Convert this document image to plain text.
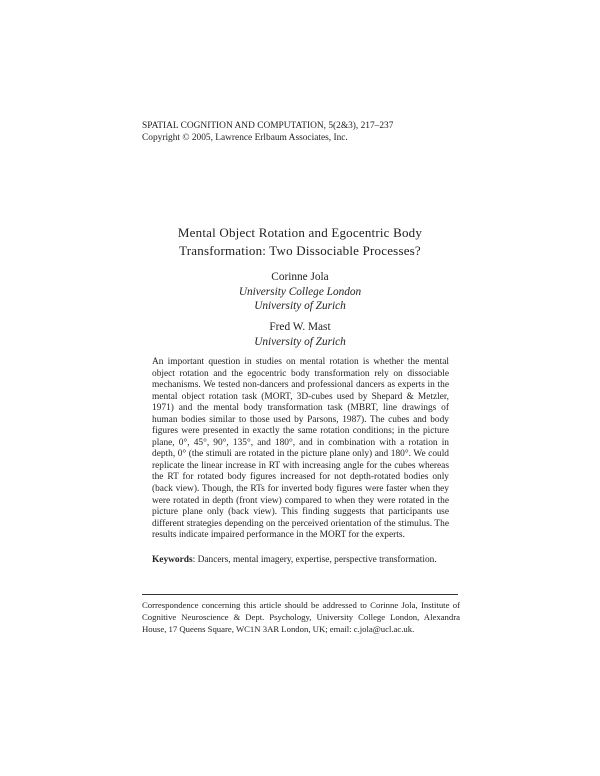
SPATIAL COGNITION AND COMPUTATION, 5(2&3), 217–237
Copyright © 2005, Lawrence Erlbaum Associates, Inc.
Mental Object Rotation and Egocentric Body
Transformation: Two Dissociable Processes?
Corinne Jola
University College London
University of Zurich
Fred W. Mast
University of Zurich
An important question in studies on mental rotation is whether the mental object rotation and the egocentric body transformation rely on dissociable mechanisms. We tested non-dancers and professional dancers as experts in the mental object rotation task (MORT, 3D-cubes used by Shepard & Metzler, 1971) and the mental body transformation task (MBRT, line drawings of human bodies similar to those used by Parsons, 1987). The cubes and body figures were presented in exactly the same rotation conditions; in the picture plane, 0°, 45°, 90°, 135°, and 180°, and in combination with a rotation in depth, 0° (the stimuli are rotated in the picture plane only) and 180°. We could replicate the linear increase in RT with increasing angle for the cubes whereas the RT for rotated body figures increased for not depth-rotated bodies only (back view). Though, the RTs for inverted body figures were faster when they were rotated in depth (front view) compared to when they were rotated in the picture plane only (back view). This finding suggests that participants use different strategies depending on the perceived orientation of the stimulus. The results indicate impaired performance in the MORT for the experts.
Keywords: Dancers, mental imagery, expertise, perspective transformation.
Correspondence concerning this article should be addressed to Corinne Jola, Institute of Cognitive Neuroscience & Dept. Psychology, University College London, Alexandra House, 17 Queens Square, WC1N 3AR London, UK; email: c.jola@ucl.ac.uk.
